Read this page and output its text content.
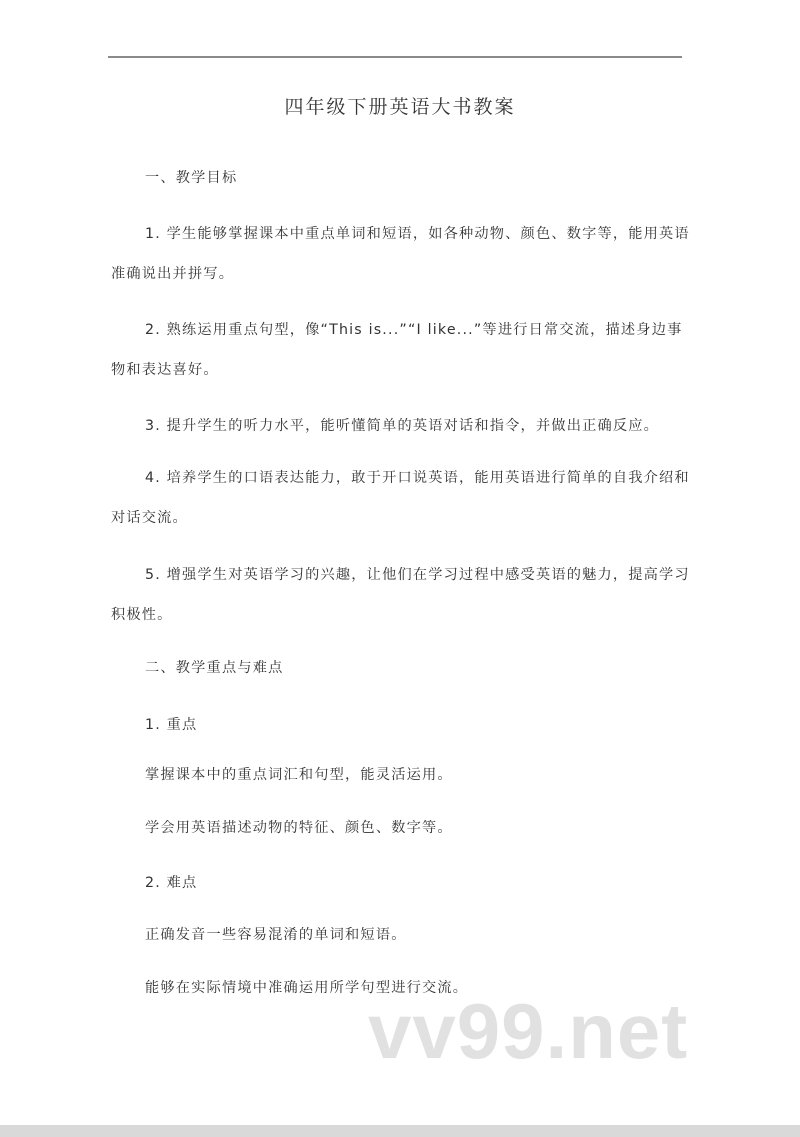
四年级下册英语大书教案

一、教学目标

1. 学生能够掌握课本中重点单词和短语，如各种动物、颜色、数字等，能用英语准确说出并拼写。

2. 熟练运用重点句型，像“This is...”“I like...”等进行日常交流，描述身边事物和表达喜好。

3. 提升学生的听力水平，能听懂简单的英语对话和指令，并做出正确反应。

4. 培养学生的口语表达能力，敢于开口说英语，能用英语进行简单的自我介绍和对话交流。

5. 增强学生对英语学习的兴趣，让他们在学习过程中感受英语的魅力，提高学习积极性。

二、教学重点与难点

1. 重点

掌握课本中的重点词汇和句型，能灵活运用。

学会用英语描述动物的特征、颜色、数字等。

2. 难点

正确发音一些容易混淆的单词和短语。

能够在实际情境中准确运用所学句型进行交流。

vv99.net
